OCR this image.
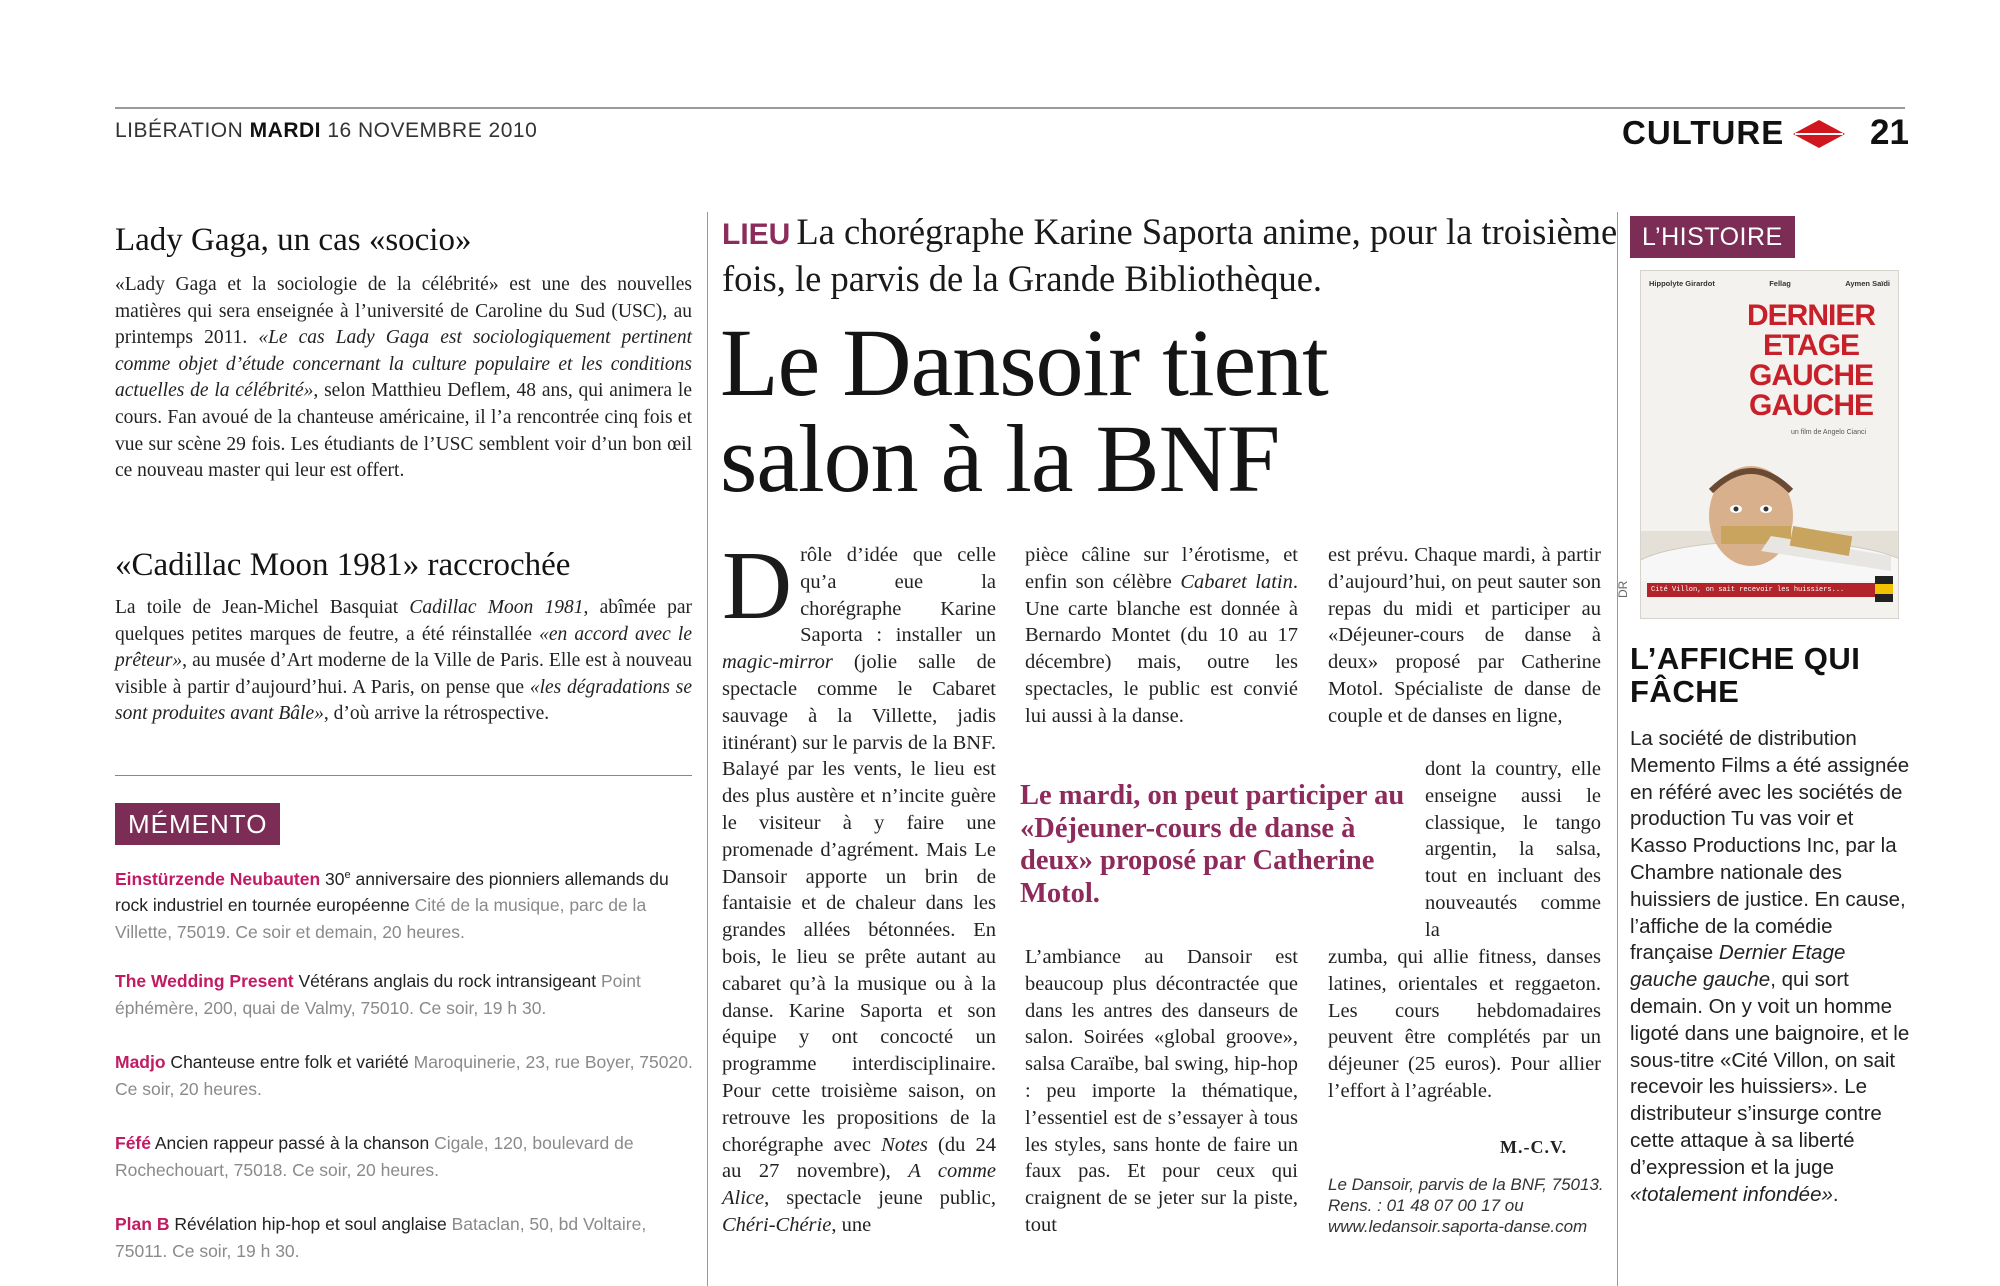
LIBÉRATION MARDI 16 NOVEMBRE 2010	CULTURE 21
Lady Gaga, un cas «socio»
«Lady Gaga et la sociologie de la célébrité» est une des nouvelles matières qui sera enseignée à l’université de Caroline du Sud (USC), au printemps 2011. «Le cas Lady Gaga est sociologiquement pertinent comme objet d’étude concernant la culture populaire et les conditions actuelles de la célébrité», selon Matthieu Deflem, 48 ans, qui animera le cours. Fan avoué de la chanteuse américaine, il l’a rencontrée cinq fois et vue sur scène 29 fois. Les étudiants de l’USC semblent voir d’un bon œil ce nouveau master qui leur est offert.
«Cadillac Moon 1981» raccrochée
La toile de Jean-Michel Basquiat Cadillac Moon 1981, abîmée par quelques petites marques de feutre, a été réinstallée «en accord avec le prêteur», au musée d’Art moderne de la Ville de Paris. Elle est à nouveau visible à partir d’aujourd’hui. A Paris, on pense que «les dégradations se sont produites avant Bâle», d’où arrive la rétrospective.
MÉMENTO
Einstürzende Neubauten 30e anniversaire des pionniers allemands du rock industriel en tournée européenne Cité de la musique, parc de la Villette, 75019. Ce soir et demain, 20 heures.
The Wedding Present Vétérans anglais du rock intransigeant Point éphémère, 200, quai de Valmy, 75010. Ce soir, 19 h 30.
Madjo Chanteuse entre folk et variété Maroquinerie, 23, rue Boyer, 75020. Ce soir, 20 heures.
Féfé Ancien rappeur passé à la chanson Cigale, 120, boulevard de Rochechouart, 75018. Ce soir, 20 heures.
Plan B Révélation hip-hop et soul anglaise Bataclan, 50, bd Voltaire, 75011. Ce soir, 19 h 30.
LIEU La chorégraphe Karine Saporta anime, pour la troisième fois, le parvis de la Grande Bibliothèque.
Le Dansoir tient
salon à la BNF
Drôle d’idée que celle qu’a eue la chorégraphe Karine Saporta : installer un magic-mirror (jolie salle de spectacle comme le Cabaret sauvage à la Villette, jadis itinérant) sur le parvis de la BNF. Balayé par les vents, le lieu est des plus austère et n’incite guère le visiteur à y faire une promenade d’agrément. Mais Le Dansoir apporte un brin de fantaisie et de chaleur dans les grandes allées bétonnées. En bois, le lieu se prête autant au cabaret qu’à la musique ou à la danse. Karine Saporta et son équipe y ont concocté un programme interdisciplinaire. Pour cette troisième saison, on retrouve les propositions de la chorégraphe avec Notes (du 24 au 27 novembre), A comme Alice, spectacle jeune public, Chéri-Chérie, une
pièce câline sur l’érotisme, et enfin son célèbre Cabaret latin. Une carte blanche est donnée à Bernardo Montet (du 10 au 17 décembre) mais, outre les spectacles, le public est convié lui aussi à la danse.
Le mardi, on peut participer au «Déjeuner-cours de danse à deux» proposé par Catherine Motol.
L’ambiance au Dansoir est beaucoup plus décontractée que dans les antres des danseurs de salon. Soirées «global groove», salsa Caraïbe, bal swing, hip-hop : peu importe la thématique, l’essentiel est de s’essayer à tous les styles, sans honte de faire un faux pas. Et pour ceux qui craignent de se jeter sur la piste, tout
est prévu. Chaque mardi, à partir d’aujourd’hui, on peut sauter son repas du midi et participer au «Déjeuner-cours de danse à deux» proposé par Catherine Motol. Spécialiste de danse de couple et de danses en ligne,
dont la country, elle enseigne aussi le classique, le tango argentin, la salsa, tout en incluant des nouveautés comme la
zumba, qui allie fitness, danses latines, orientales et reggaeton. Les cours hebdomadaires peuvent être complétés par un déjeuner (25 euros). Pour allier l’effort à l’agréable.
M.-C.V.
Le Dansoir, parvis de la BNF, 75013. Rens. : 01 48 07 00 17 ou www.ledansoir.saporta-danse.com
L’HISTOIRE
Hippolyte Girardot	Fellag	Aymen Saïdi
DERNIER
ETAGE
GAUCHE
GAUCHE
un film de Angelo Cianci
Cité Villon, on sait recevoir les huissiers...
DR
L’AFFICHE QUI FÂCHE
La société de distribution Memento Films a été assignée en référé avec les sociétés de production Tu vas voir et Kasso Productions Inc, par la Chambre nationale des huissiers de justice. En cause, l’affiche de la comédie française Dernier Etage gauche gauche, qui sort demain. On y voit un homme ligoté dans une baignoire, et le sous-titre «Cité Villon, on sait recevoir les huissiers». Le distributeur s’insurge contre cette attaque à sa liberté d’expression et la juge «totalement infondée».
